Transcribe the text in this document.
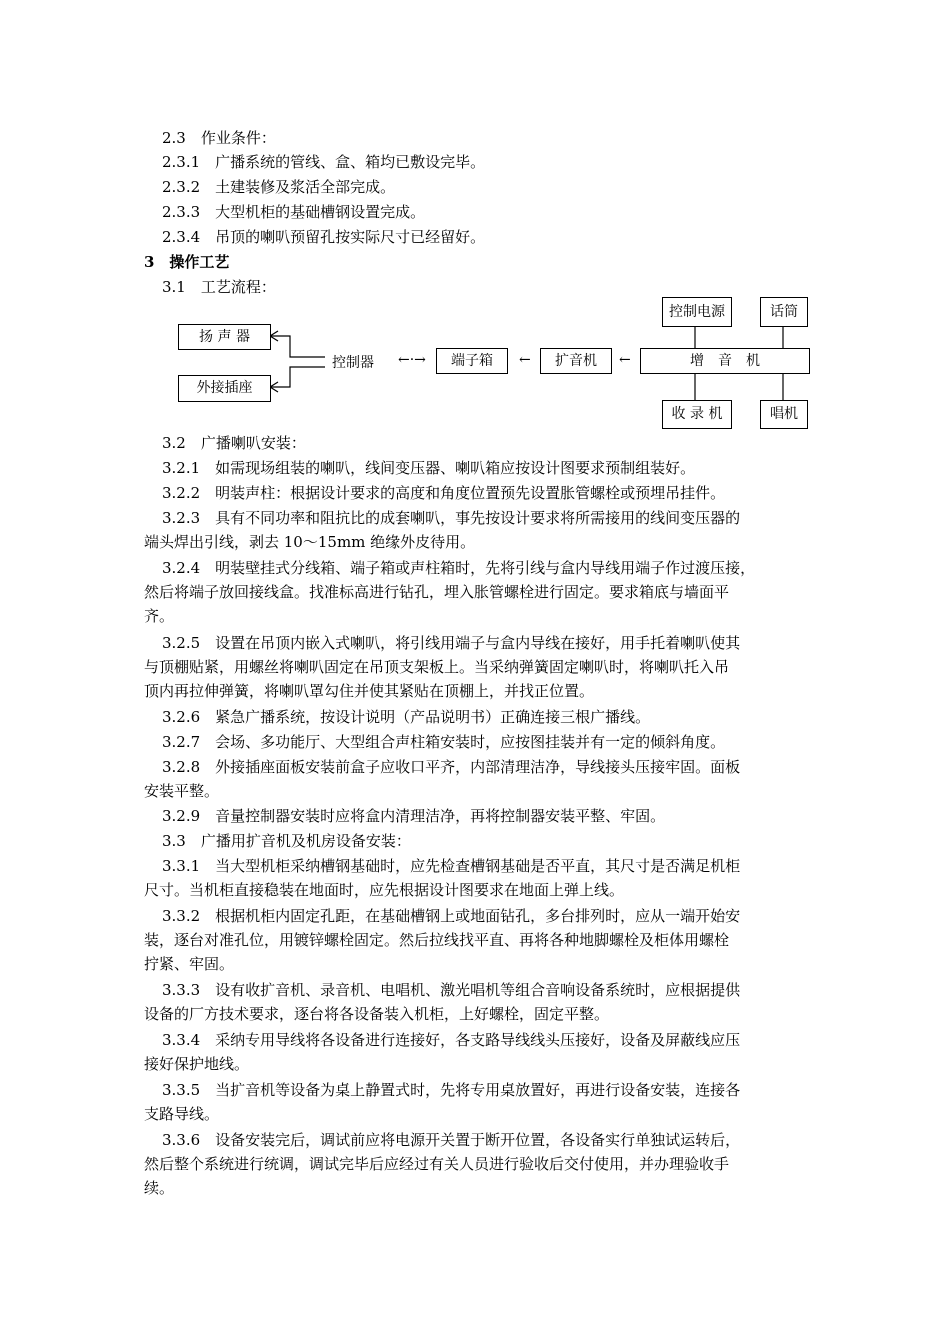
2.3　作业条件：
2.3.1　广播系统的管线、盒、箱均已敷设完毕。
2.3.2　土建装修及浆活全部完成。
2.3.3　大型机柜的基础槽钢设置完成。
2.3.4　吊顶的喇叭预留孔按实际尺寸已经留好。
3　操作工艺
3.1　工艺流程：
扬 声 器
外接插座
控制器 ←·→	端子箱	←	扩音机	←	增　音　机
控制电源	话筒
收 录 机	唱机
3.2　广播喇叭安装：
3.2.1　如需现场组装的喇叭，线间变压器、喇叭箱应按设计图要求预制组装好。
3.2.2　明装声柱：根据设计要求的高度和角度位置预先设置胀管螺栓或预埋吊挂件。
3.2.3　具有不同功率和阻抗比的成套喇叭，事先按设计要求将所需接用的线间变压器的
端头焊出引线，剥去 10～15mm 绝缘外皮待用。
3.2.4　明装壁挂式分线箱、端子箱或声柱箱时，先将引线与盒内导线用端子作过渡压接，
然后将端子放回接线盒。找准标高进行钻孔，埋入胀管螺栓进行固定。要求箱底与墙面平
齐。
3.2.5　设置在吊顶内嵌入式喇叭，将引线用端子与盒内导线在接好，用手托着喇叭使其
与顶棚贴紧，用螺丝将喇叭固定在吊顶支架板上。当采纳弹簧固定喇叭时，将喇叭托入吊
顶内再拉伸弹簧，将喇叭罩勾住并使其紧贴在顶棚上，并找正位置。
3.2.6　紧急广播系统，按设计说明（产品说明书）正确连接三根广播线。
3.2.7　会场、多功能厅、大型组合声柱箱安装时，应按图挂装并有一定的倾斜角度。
3.2.8　外接插座面板安装前盒子应收口平齐，内部清理洁净，导线接头压接牢固。面板
安装平整。
3.2.9　音量控制器安装时应将盒内清理洁净，再将控制器安装平整、牢固。
3.3　广播用扩音机及机房设备安装：
3.3.1　当大型机柜采纳槽钢基础时，应先检查槽钢基础是否平直，其尺寸是否满足机柜
尺寸。当机柜直接稳装在地面时，应先根据设计图要求在地面上弹上线。
3.3.2　根据机柜内固定孔距，在基础槽钢上或地面钻孔，多台排列时，应从一端开始安
装，逐台对准孔位，用镀锌螺栓固定。然后拉线找平直、再将各种地脚螺栓及柜体用螺栓
拧紧、牢固。
3.3.3　设有收扩音机、录音机、电唱机、激光唱机等组合音响设备系统时，应根据提供
设备的厂方技术要求，逐台将各设备装入机柜，上好螺栓，固定平整。
3.3.4　采纳专用导线将各设备进行连接好，各支路导线线头压接好，设备及屏蔽线应压
接好保护地线。
3.3.5　当扩音机等设备为桌上静置式时，先将专用桌放置好，再进行设备安装，连接各
支路导线。
3.3.6　设备安装完后，调试前应将电源开关置于断开位置，各设备实行单独试运转后，
然后整个系统进行统调，调试完毕后应经过有关人员进行验收后交付使用，并办理验收手
续。
